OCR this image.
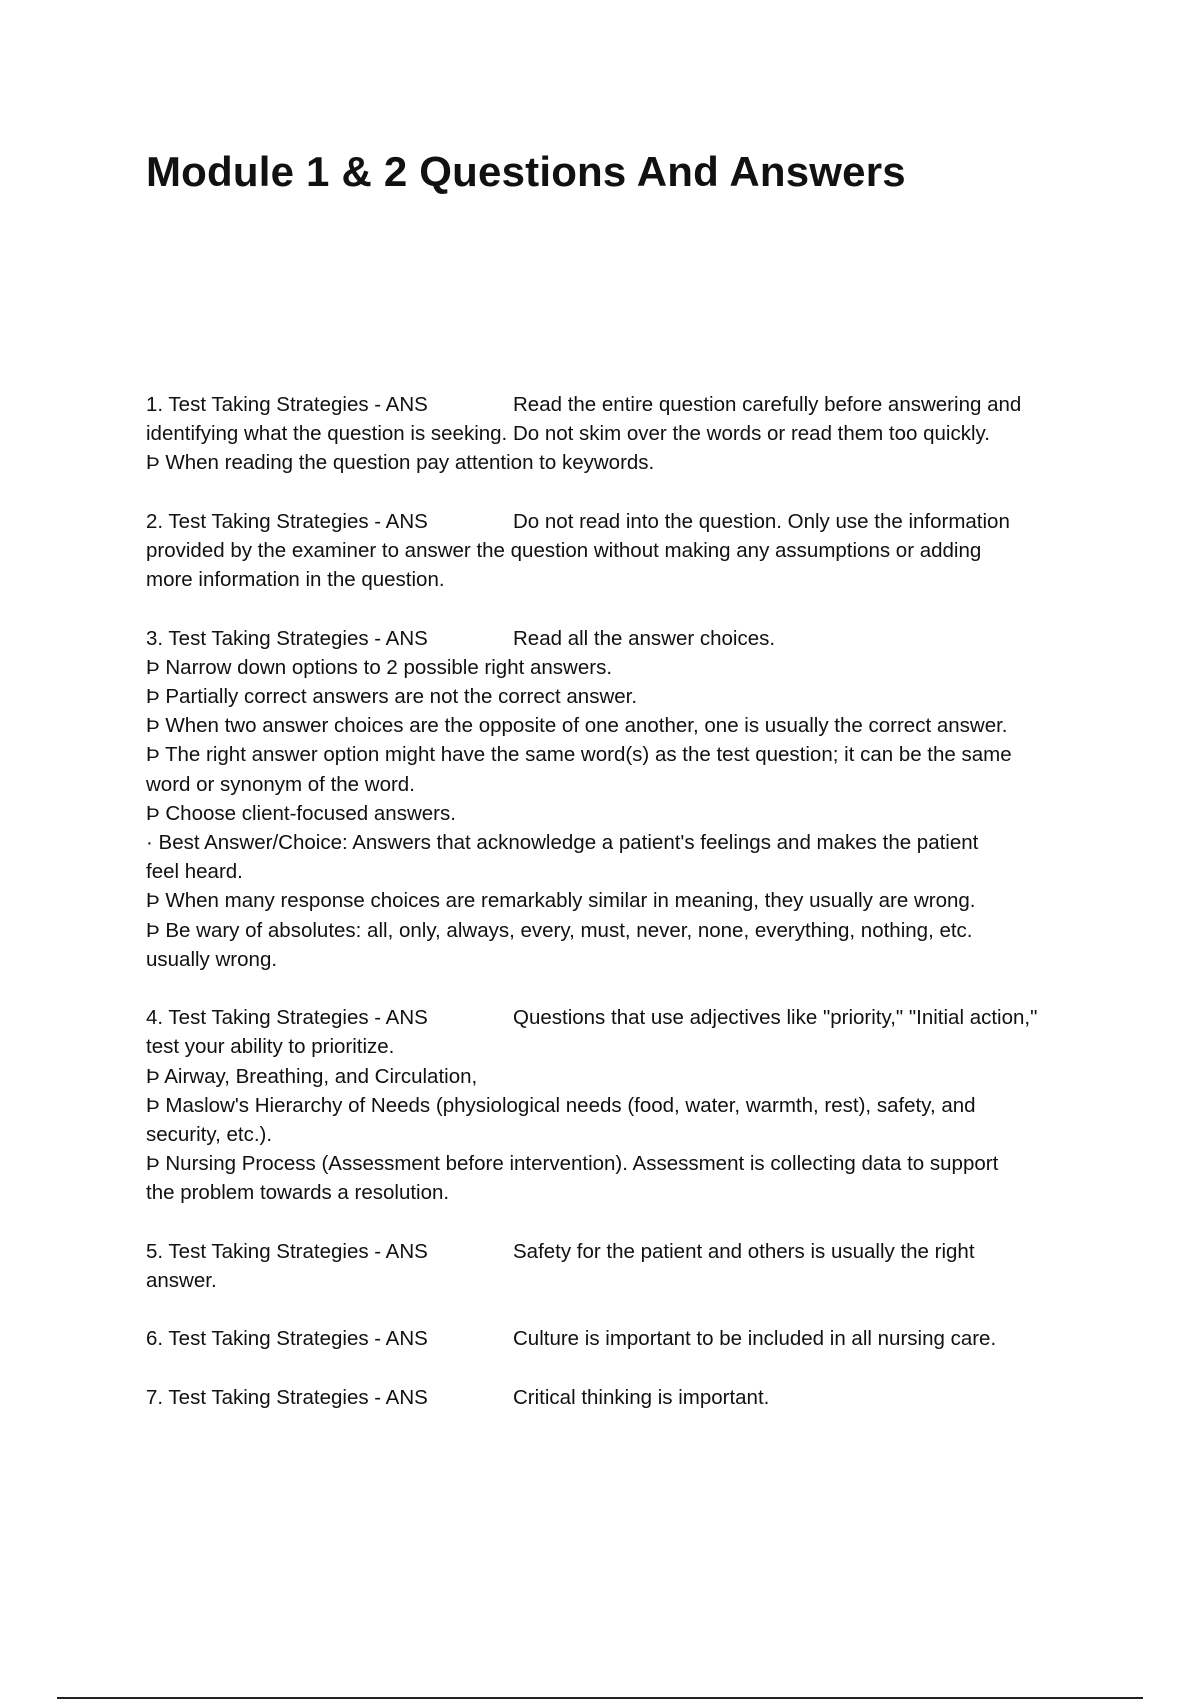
Module 1 & 2 Questions And Answers
1. Test Taking Strategies - ANS	Read the entire question carefully before answering and
identifying what the question is seeking. Do not skim over the words or read them too quickly.
Þ When reading the question pay attention to keywords.
2. Test Taking Strategies - ANS	Do not read into the question. Only use the information
provided by the examiner to answer the question without making any assumptions or adding
more information in the question.
3. Test Taking Strategies - ANS	Read all the answer choices.
Þ Narrow down options to 2 possible right answers.
Þ Partially correct answers are not the correct answer.
Þ When two answer choices are the opposite of one another, one is usually the correct answer.
Þ The right answer option might have the same word(s) as the test question; it can be the same
word or synonym of the word.
Þ Choose client-focused answers.
· Best Answer/Choice: Answers that acknowledge a patient's feelings and makes the patient
feel heard.
Þ When many response choices are remarkably similar in meaning, they usually are wrong.
Þ Be wary of absolutes: all, only, always, every, must, never, none, everything, nothing, etc.
usually wrong.
4. Test Taking Strategies - ANS	Questions that use adjectives like "priority," "Initial action,"
test your ability to prioritize.
Þ Airway, Breathing, and Circulation,
Þ Maslow's Hierarchy of Needs (physiological needs (food, water, warmth, rest), safety, and
security, etc.).
Þ Nursing Process (Assessment before intervention). Assessment is collecting data to support
the problem towards a resolution.
5. Test Taking Strategies - ANS	Safety for the patient and others is usually the right
answer.
6. Test Taking Strategies - ANS	Culture is important to be included in all nursing care.
7. Test Taking Strategies - ANS	Critical thinking is important.
